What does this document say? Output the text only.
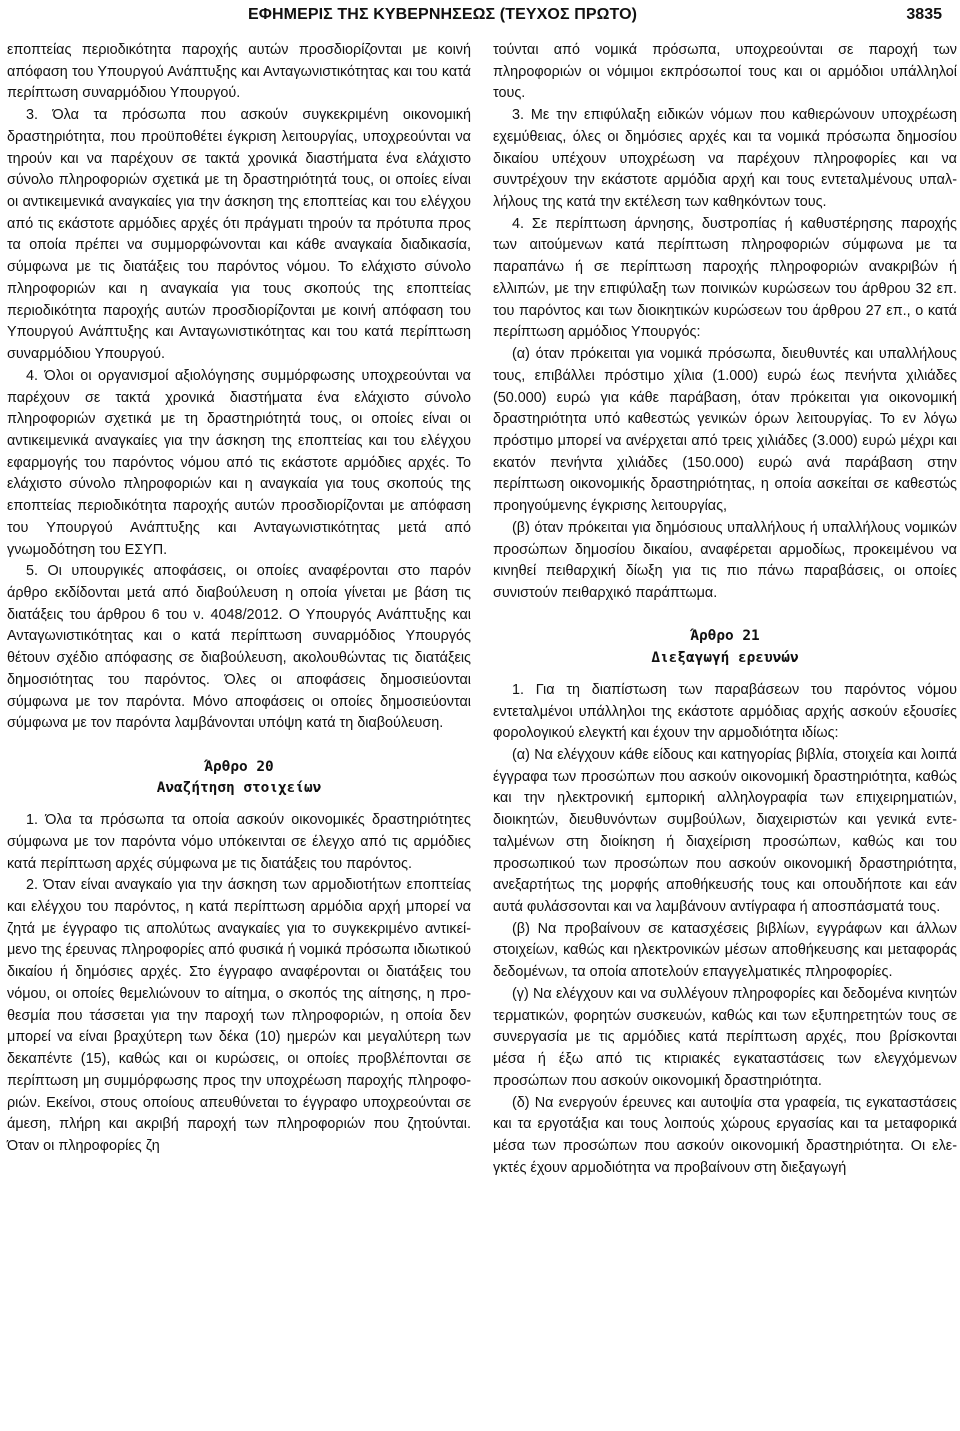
ΕΦΗΜΕΡΙΣ ΤΗΣ ΚΥΒΕΡΝΗΣΕΩΣ (ΤΕΥΧΟΣ ΠΡΩΤΟ)	3835

εποπτείας περιοδικότητα παροχής αυτών προσδιορίζονται με κοινή απόφαση του Υπουργού Ανάπτυξης και Ανταγωνιστικότητας και του κατά περίπτωση συναρμόδιου Υπουργού.

3. Όλα τα πρόσωπα που ασκούν συγκεκριμένη οικονομική δραστηριότητα, που προϋποθέτει έγκριση λειτουργίας, υποχρεούνται να τηρούν και να παρέχουν σε τακτά χρονικά διαστήματα ένα ελάχιστο σύνολο πληροφοριών σχετικά με τη δραστηριότητά τους, οι οποίες είναι οι αντικειμενικά αναγκαίες για την άσκηση της εποπτείας και του ελέγχου από τις εκάστοτε αρμόδιες αρχές ότι πράγματι τηρούν τα πρότυπα προς τα οποία πρέπει να συμμορφώνονται και κάθε αναγκαία διαδικασία, σύμφωνα με τις διατάξεις του παρόντος νόμου. Το ελάχιστο σύνολο πληροφοριών και η αναγκαία για τους σκοπούς της εποπτείας περιοδικότητα παροχής αυτών προσδιορίζονται με κοινή απόφαση του Υπουργού Ανάπτυξης και Ανταγωνιστικότητας και του κατά περίπτωση συναρμόδιου Υπουργού.

4. Όλοι οι οργανισμοί αξιολόγησης συμμόρφωσης υποχρεούνται να παρέχουν σε τακτά χρονικά διαστήματα ένα ελάχιστο σύνολο πληροφοριών σχετικά με τη δραστηριότητά τους, οι οποίες είναι οι αντικειμενικά αναγκαίες για την άσκηση της εποπτείας και του ελέγχου εφαρμογής του παρόντος νόμου από τις εκάστοτε αρμόδιες αρχές. Το ελάχιστο σύνολο πληροφοριών και η αναγκαία για τους σκοπούς της εποπτείας περιοδικότητα παροχής αυτών προσδιορίζονται με απόφαση του Υπουργού Ανάπτυξης και Ανταγωνιστικότητας μετά από γνωμοδότηση του ΕΣΥΠ.

5. Οι υπουργικές αποφάσεις, οι οποίες αναφέρονται στο παρόν άρθρο εκδίδονται μετά από διαβούλευση η οποία γίνεται με βάση τις διατάξεις του άρθρου 6 του ν. 4048/2012. Ο Υπουργός Ανάπτυξης και Ανταγωνιστικότητας και ο κατά περίπτωση συναρμόδιος Υπουργός θέτουν σχέδιο απόφασης σε διαβούλευση, ακολουθώντας τις διατάξεις δημοσιότητας του παρόντος. Όλες οι αποφάσεις δημοσιεύονται σύμφωνα με τον παρόντα. Μόνο αποφάσεις οι οποίες δημοσιεύονται σύμφωνα με τον παρόντα λαμβάνονται υπόψη κατά τη διαβούλευση.

Άρθρο 20

Αναζήτηση στοιχείων

1. Όλα τα πρόσωπα τα οποία ασκούν οικονομικές δραστηριότητες σύμφωνα με τον παρόντα νόμο υπόκεινται σε έλεγχο από τις αρμόδιες κατά περίπτωση αρχές σύμφωνα με τις διατάξεις του παρόντος.

2. Όταν είναι αναγκαίο για την άσκηση των αρμοδιοτήτων εποπτείας και ελέγχου του παρόντος, η κατά περίπτωση αρμόδια αρχή μπορεί να ζητά με έγγραφο τις απολύτως αναγκαίες για το συγκεκριμένο αντικείμενο της έρευνας πληροφορίες από φυσικά ή νομικά πρόσωπα ιδιωτικού δικαίου ή δημόσιες αρχές. Στο έγγραφο αναφέρονται οι διατάξεις του νόμου, οι οποίες θεμελιώνουν το αίτημα, ο σκοπός της αίτησης, η προθεσμία που τάσσεται για την παροχή των πληροφοριών, η οποία δεν μπορεί να είναι βραχύτερη των δέκα (10) ημερών και μεγαλύτερη των δεκαπέντε (15), καθώς και οι κυρώσεις, οι οποίες προβλέπονται σε περίπτωση μη συμμόρφωσης προς την υποχρέωση παροχής πληροφοριών. Εκείνοι, στους οποίους απευθύνεται το έγγραφο υποχρεούνται σε άμεση, πλήρη και ακριβή παροχή των πληροφοριών που ζητούνται. Όταν οι πληροφορίες ζη

τούνται από νομικά πρόσωπα, υποχρεούνται σε παροχή των πληροφοριών οι νόμιμοι εκπρόσωποί τους και οι αρμόδιοι υπάλληλοί τους.

3. Με την επιφύλαξη ειδικών νόμων που καθιερώνουν υποχρέωση εχεμύθειας, όλες οι δημόσιες αρχές και τα νομικά πρόσωπα δημοσίου δικαίου υπέχουν υποχρέωση να παρέχουν πληροφορίες και να συντρέχουν την εκάστοτε αρμόδια αρχή και τους εντεταλμένους υπαλλήλους της κατά την εκτέλεση των καθηκόντων τους.

4. Σε περίπτωση άρνησης, δυστροπίας ή καθυστέρησης παροχής των αιτούμενων κατά περίπτωση πληροφοριών σύμφωνα με τα παραπάνω ή σε περίπτωση παροχής πληροφοριών ανακριβών ή ελλιπών, με την επιφύλαξη των ποινικών κυρώσεων του άρθρου 32 επ. του παρόντος και των διοικητικών κυρώσεων του άρθρου 27 επ., ο κατά περίπτωση αρμόδιος Υπουργός:

(α) όταν πρόκειται για νομικά πρόσωπα, διευθυντές και υπαλλήλους τους, επιβάλλει πρόστιμο χίλια (1.000) ευρώ έως πενήντα χιλιάδες (50.000) ευρώ για κάθε παράβαση, όταν πρόκειται για οικονομική δραστηριότητα υπό καθεστώς γενικών όρων λειτουργίας. Το εν λόγω πρόστιμο μπορεί να ανέρχεται από τρεις χιλιάδες (3.000) ευρώ μέχρι και εκατόν πενήντα χιλιάδες (150.000) ευρώ ανά παράβαση στην περίπτωση οικονομικής δραστηριότητας, η οποία ασκείται σε καθεστώς προηγούμενης έγκρισης λειτουργίας,

(β) όταν πρόκειται για δημόσιους υπαλλήλους ή υπαλλήλους νομικών προσώπων δημοσίου δικαίου, αναφέρεται αρμοδίως, προκειμένου να κινηθεί πειθαρχική δίωξη για τις πιο πάνω παραβάσεις, οι οποίες συνιστούν πειθαρχικό παράπτωμα.

Άρθρο 21

Διεξαγωγή ερευνών

1. Για τη διαπίστωση των παραβάσεων του παρόντος νόμου εντεταλμένοι υπάλληλοι της εκάστοτε αρμόδιας αρχής ασκούν εξουσίες φορολογικού ελεγκτή και έχουν την αρμοδιότητα ιδίως:

(α) Να ελέγχουν κάθε είδους και κατηγορίας βιβλία, στοιχεία και λοιπά έγγραφα των προσώπων που ασκούν οικονομική δραστηριότητα, καθώς και την ηλεκτρονική εμπορική αλληλογραφία των επιχειρηματιών, διοικητών, διευθυνόντων συμβούλων, διαχειριστών και γενικά εντεταλμένων στη διοίκηση ή διαχείριση προσώπων, καθώς και του προσωπικού των προσώπων που ασκούν οικονομική δραστηριότητα, ανεξαρτήτως της μορφής αποθήκευσής τους και οπουδήποτε και εάν αυτά φυλάσσονται και να λαμβάνουν αντίγραφα ή αποσπάσματά τους.

(β) Να προβαίνουν σε κατασχέσεις βιβλίων, εγγράφων και άλλων στοιχείων, καθώς και ηλεκτρονικών μέσων αποθήκευσης και μεταφοράς δεδομένων, τα οποία αποτελούν επαγγελματικές πληροφορίες.

(γ) Να ελέγχουν και να συλλέγουν πληροφορίες και δεδομένα κινητών τερματικών, φορητών συσκευών, καθώς και των εξυπηρετητών τους σε συνεργασία με τις αρμόδιες κατά περίπτωση αρχές, που βρίσκονται μέσα ή έξω από τις κτιριακές εγκαταστάσεις των ελεγχόμενων προσώπων που ασκούν οικονομική δραστηριότητα.

(δ) Να ενεργούν έρευνες και αυτοψία στα γραφεία, τις εγκαταστάσεις και τα εργοτάξια και τους λοιπούς χώρους εργασίας και τα μεταφορικά μέσα των προσώπων που ασκούν οικονομική δραστηριότητα. Οι ελεγκτές έχουν αρμοδιότητα να προβαίνουν στη διεξαγωγή
